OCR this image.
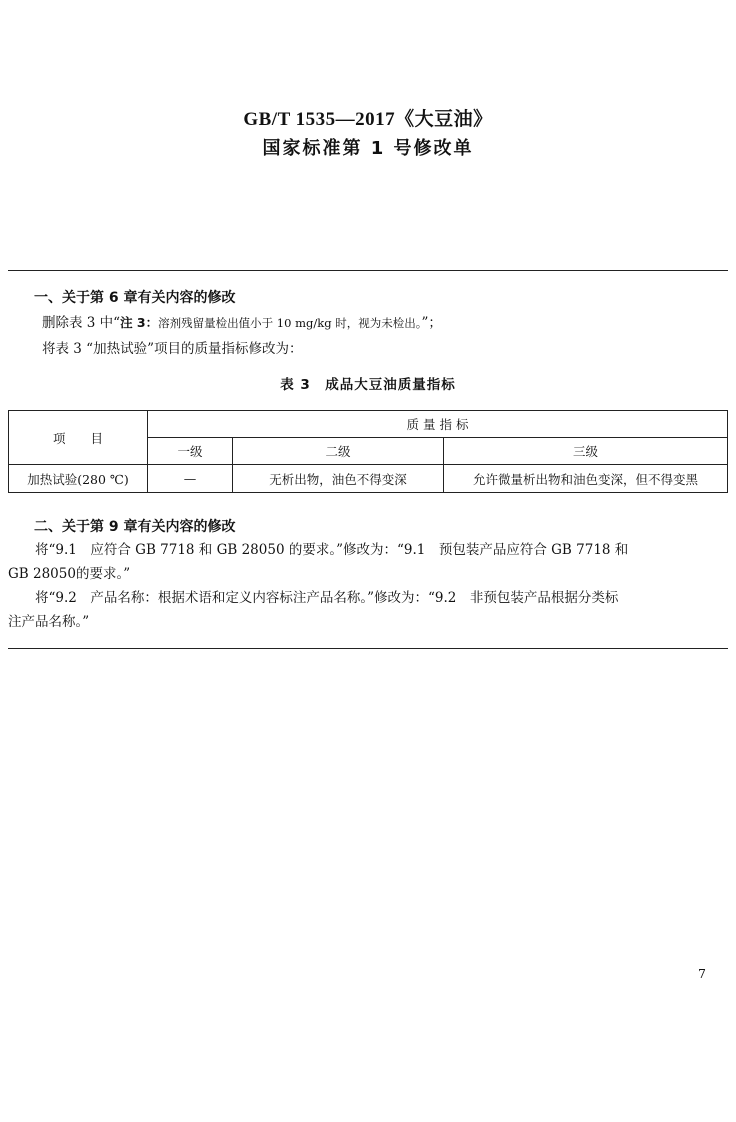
GB/T 1535—2017《大豆油》
国家标准第 1 号修改单
一、关于第 6 章有关内容的修改
删除表 3 中“注 3：溶剂残留量检出值小于 10 mg/kg 时，视为未检出。”；
将表 3 “加热试验”项目的质量指标修改为：
表 3　成品大豆油质量指标
项　　目	质 量 指 标		
	一级	二级	三级
加热试验(280 ℃)	—	无析出物，油色不得变深	允许微量析出物和油色变深，但不得变黑
二、关于第 9 章有关内容的修改
　　将“9.1　应符合 GB 7718 和 GB 28050 的要求。”修改为：“9.1　预包装产品应符合 GB 7718 和
GB 28050的要求。”
　　将“9.2　产品名称：根据术语和定义内容标注产品名称。”修改为：“9.2　非预包装产品根据分类标
注产品名称。”
7
